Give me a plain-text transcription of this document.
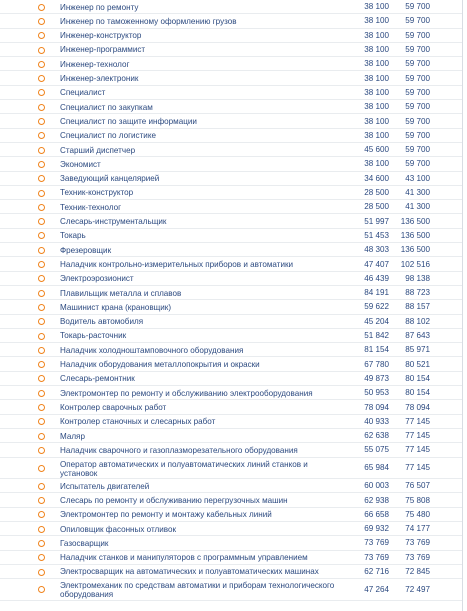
Инженер по ремонту	38 100	59 700
Инженер по таможенному оформлению грузов	38 100	59 700
Инженер-конструктор	38 100	59 700
Инженер-программист	38 100	59 700
Инженер-технолог	38 100	59 700
Инженер-электроник	38 100	59 700
Специалист	38 100	59 700
Специалист по закупкам	38 100	59 700
Специалист по защите информации	38 100	59 700
Специалист по логистике	38 100	59 700
Старший диспетчер	45 600	59 700
Экономист	38 100	59 700
Заведующий канцелярией	34 600	43 100
Техник-конструктор	28 500	41 300
Техник-технолог	28 500	41 300
Слесарь-инструментальщик	51 997	136 500
Токарь	51 453	136 500
Фрезеровщик	48 303	136 500
Наладчик контрольно-измерительных приборов и автоматики	47 407	102 516
Электроэрозионист	46 439	98 138
Плавильщик металла и сплавов	84 191	88 723
Машинист крана (крановщик)	59 622	88 157
Водитель автомобиля	45 204	88 102
Токарь-расточник	51 842	87 643
Наладчик холодноштамповочного оборудования	81 154	85 971
Наладчик оборудования металлопокрытия и окраски	67 780	80 521
Слесарь-ремонтник	49 873	80 154
Электромонтер по ремонту и обслуживанию электрооборудования	50 953	80 154
Контролер сварочных работ	78 094	78 094
Контролер станочных и слесарных работ	40 933	77 145
Маляр	62 638	77 145
Наладчик сварочного и газоплазморезательного оборудования	55 075	77 145
Оператор автоматических и полуавтоматических линий станков и установок
65 984	77 145
Испытатель двигателей	60 003	76 507
Слесарь по ремонту и обслуживанию перегрузочных машин	62 938	75 808
Электромонтер по ремонту и монтажу кабельных линий	66 658	75 480
Опиловщик фасонных отливок	69 932	74 177
Газосварщик	73 769	73 769
Наладчик станков и манипуляторов с программным управлением	73 769	73 769
Электросварщик на автоматических и полуавтоматических машинах	62 716	72 845
Электромеханик по средствам автоматики и приборам технологического оборудования
47 264	72 497
